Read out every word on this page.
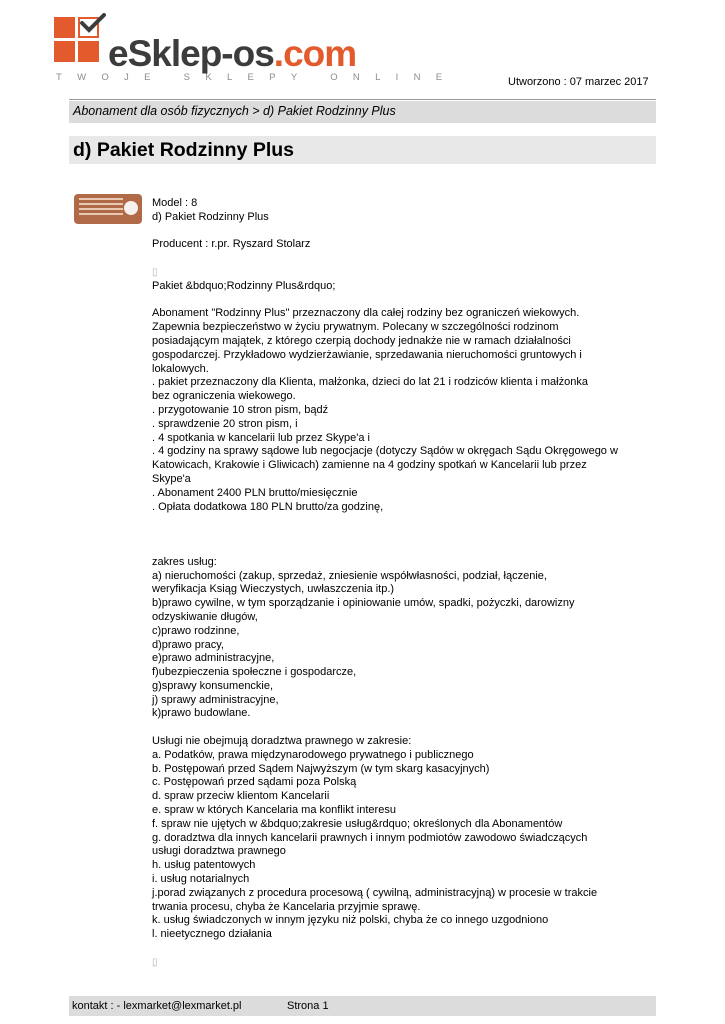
eSklep-os.com
TWOJE SKLEPY ONLINE	Utworzono : 07 marzec 2017
Abonament dla osób fizycznych > d) Pakiet Rodzinny Plus
d) Pakiet Rodzinny Plus
Model : 8
d) Pakiet Rodzinny Plus
Producent : r.pr. Ryszard Stolarz
▯
Pakiet &bdquo;Rodzinny Plus&rdquo;
Abonament "Rodzinny Plus" przeznaczony dla całej rodziny bez ograniczeń wiekowych.
Zapewnia bezpieczeństwo w życiu prywatnym. Polecany w szczególności rodzinom
posiadającym majątek, z którego czerpią dochody jednakże nie w ramach działalności
gospodarczej. Przykładowo wydzierżawianie, sprzedawania nieruchomości gruntowych i
lokalowych.
. pakiet przeznaczony dla Klienta, małżonka, dzieci do lat 21 i rodziców klienta i małżonka
bez ograniczenia wiekowego.
. przygotowanie 10 stron pism, bądź
. sprawdzenie 20 stron pism, i
. 4 spotkania w kancelarii lub przez Skype'a i
. 4 godziny na sprawy sądowe lub negocjacje (dotyczy Sądów w okręgach Sądu Okręgowego w
Katowicach, Krakowie i Gliwicach) zamienne na 4 godziny spotkań w Kancelarii lub przez
Skype'a
. Abonament 2400 PLN brutto/miesięcznie
. Opłata dodatkowa 180 PLN brutto/za godzinę,
zakres usług:
a) nieruchomości (zakup, sprzedaż, zniesienie współwłasności, podział, łączenie,
weryfikacja Ksiąg Wieczystych, uwłaszczenia itp.)
b)prawo cywilne, w tym sporządzanie i opiniowanie umów, spadki, pożyczki, darowizny
odzyskiwanie długów,
c)prawo rodzinne,
d)prawo pracy,
e)prawo administracyjne,
f)ubezpieczenia społeczne i gospodarcze,
g)sprawy konsumenckie,
j) sprawy administracyjne,
k)prawo budowlane.
Usługi nie obejmują doradztwa prawnego w zakresie:
a. Podatków, prawa międzynarodowego prywatnego i publicznego
b. Postępowań przed Sądem Najwyższym (w tym skarg kasacyjnych)
c. Postępowań przed sądami poza Polską
d. spraw przeciw klientom Kancelarii
e. spraw w których Kancelaria ma konflikt interesu
f. spraw nie ujętych w &bdquo;zakresie usług&rdquo; określonych dla Abonamentów
g. doradztwa dla innych kancelarii prawnych i innym podmiotów zawodowo świadczących
usługi doradztwa prawnego
h. usług patentowych
i. usług notarialnych
j.porad związanych z procedura procesową ( cywilną, administracyjną) w procesie w trakcie
trwania procesu, chyba że Kancelaria przyjmie sprawę.
k. usług świadczonych w innym języku niż polski, chyba że co innego uzgodniono
l. nieetycznego działania
▯
kontakt : - lexmarket@lexmarket.pl	Strona 1
